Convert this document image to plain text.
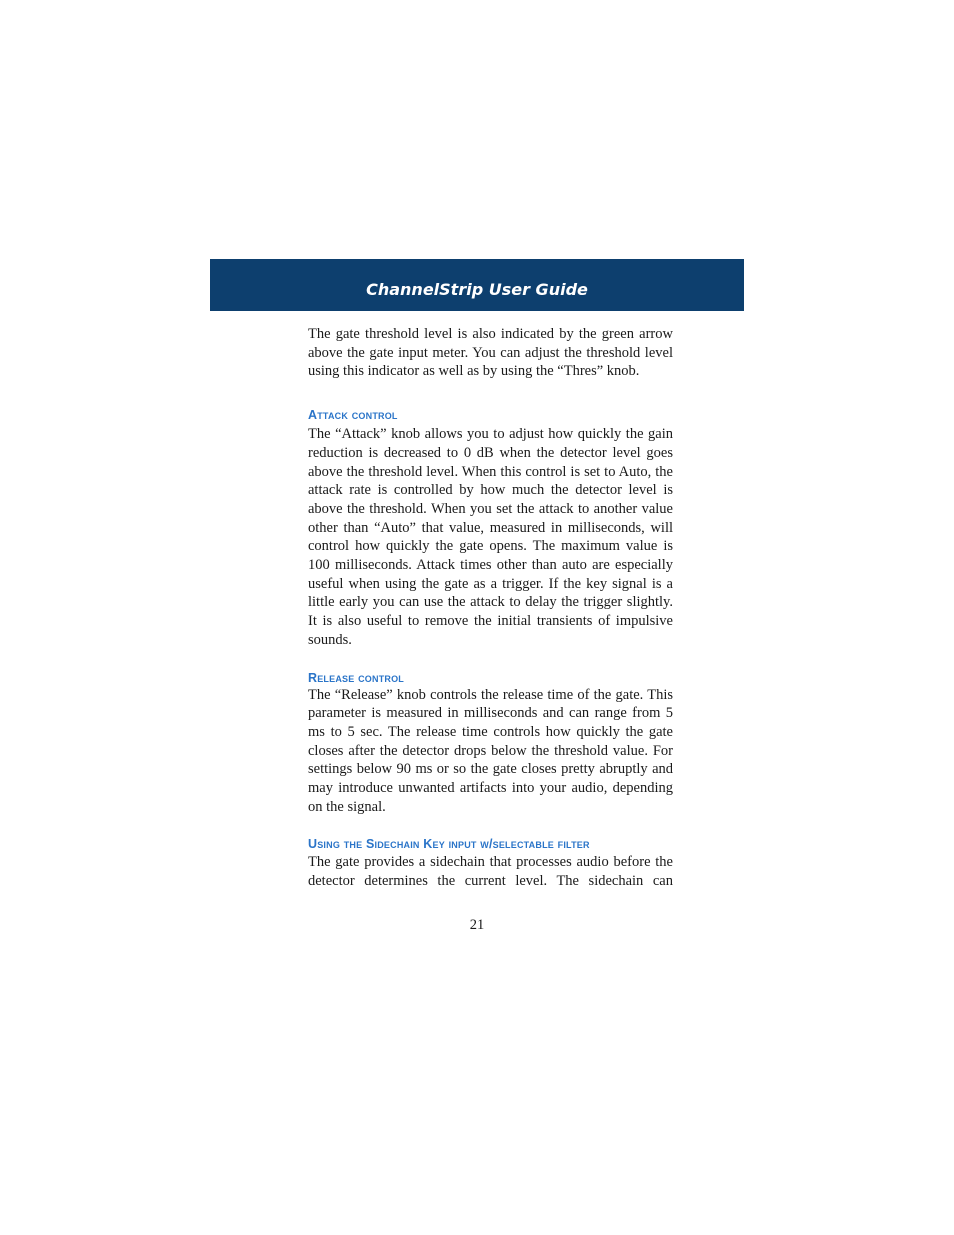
ChannelStrip User Guide

The gate threshold level is also indicated by the green arrow above the gate input meter. You can adjust the threshold level using this indicator as well as by using the “Thres” knob.

Attack control

The “Attack” knob allows you to adjust how quickly the gain reduction is decreased to 0 dB when the detector level goes above the threshold level. When this control is set to Auto, the attack rate is controlled by how much the detector level is above the threshold. When you set the attack to another value other than “Auto” that value, measured in milliseconds, will control how quickly the gate opens. The maximum value is 100 milliseconds. Attack times other than auto are especially useful when using the gate as a trigger. If the key signal is a little early you can use the attack to delay the trigger slightly. It is also useful to remove the initial transients of impulsive sounds.

Release control

The “Release” knob controls the release time of the gate. This parameter is measured in milliseconds and can range from 5 ms to 5 sec. The release time controls how quickly the gate closes after the detector drops below the threshold value. For settings below 90 ms or so the gate closes pretty abruptly and may introduce unwanted artifacts into your audio, depending on the signal.

Using the Sidechain Key input w/selectable filter

The gate provides a sidechain that processes audio before the detector determines the current level. The sidechain can

21
